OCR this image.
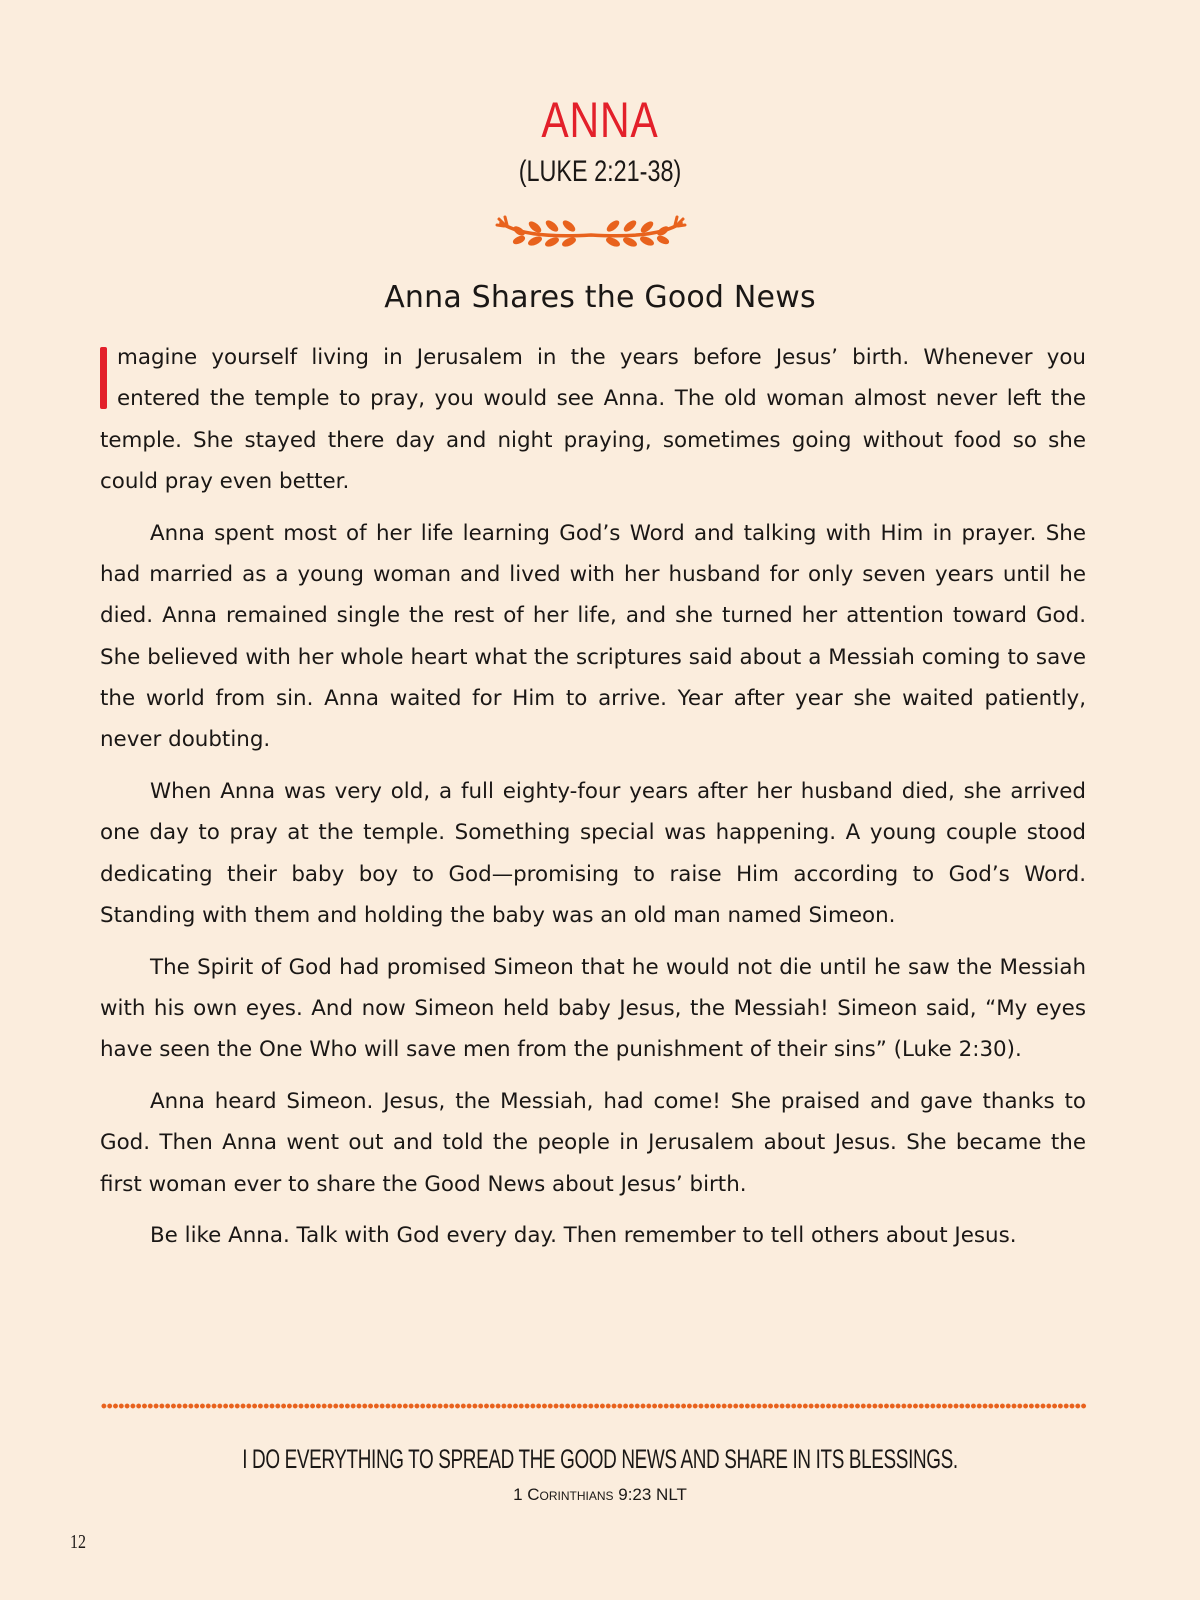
ANNA
(LUKE 2:21-38)
Anna Shares the Good News

magine yourself living in Jerusalem in the years before Jesus’ birth. Whenever you entered the temple to pray, you would see Anna. The old woman almost never left the temple. She stayed there day and night praying, sometimes going without food so she could pray even better.

Anna spent most of her life learning God’s Word and talking with Him in prayer. She had married as a young woman and lived with her husband for only seven years until he died. Anna remained single the rest of her life, and she turned her attention toward God. She believed with her whole heart what the scriptures said about a Messiah coming to save the world from sin. Anna waited for Him to arrive. Year after year she waited patiently, never doubting.

When Anna was very old, a full eighty-four years after her husband died, she arrived one day to pray at the temple. Something special was happening. A young couple stood dedicating their baby boy to God—promising to raise Him according to God’s Word. Standing with them and holding the baby was an old man named Simeon.

The Spirit of God had promised Simeon that he would not die until he saw the Messiah with his own eyes. And now Simeon held baby Jesus, the Messiah! Simeon said, “My eyes have seen the One Who will save men from the punishment of their sins” (Luke 2:30).

Anna heard Simeon. Jesus, the Messiah, had come! She praised and gave thanks to God. Then Anna went out and told the people in Jerusalem about Jesus. She became the first woman ever to share the Good News about Jesus’ birth.

Be like Anna. Talk with God every day. Then remember to tell others about Jesus.

I DO EVERYTHING TO SPREAD THE GOOD NEWS AND SHARE IN ITS BLESSINGS.
1 Corinthians 9:23 NLT
12
